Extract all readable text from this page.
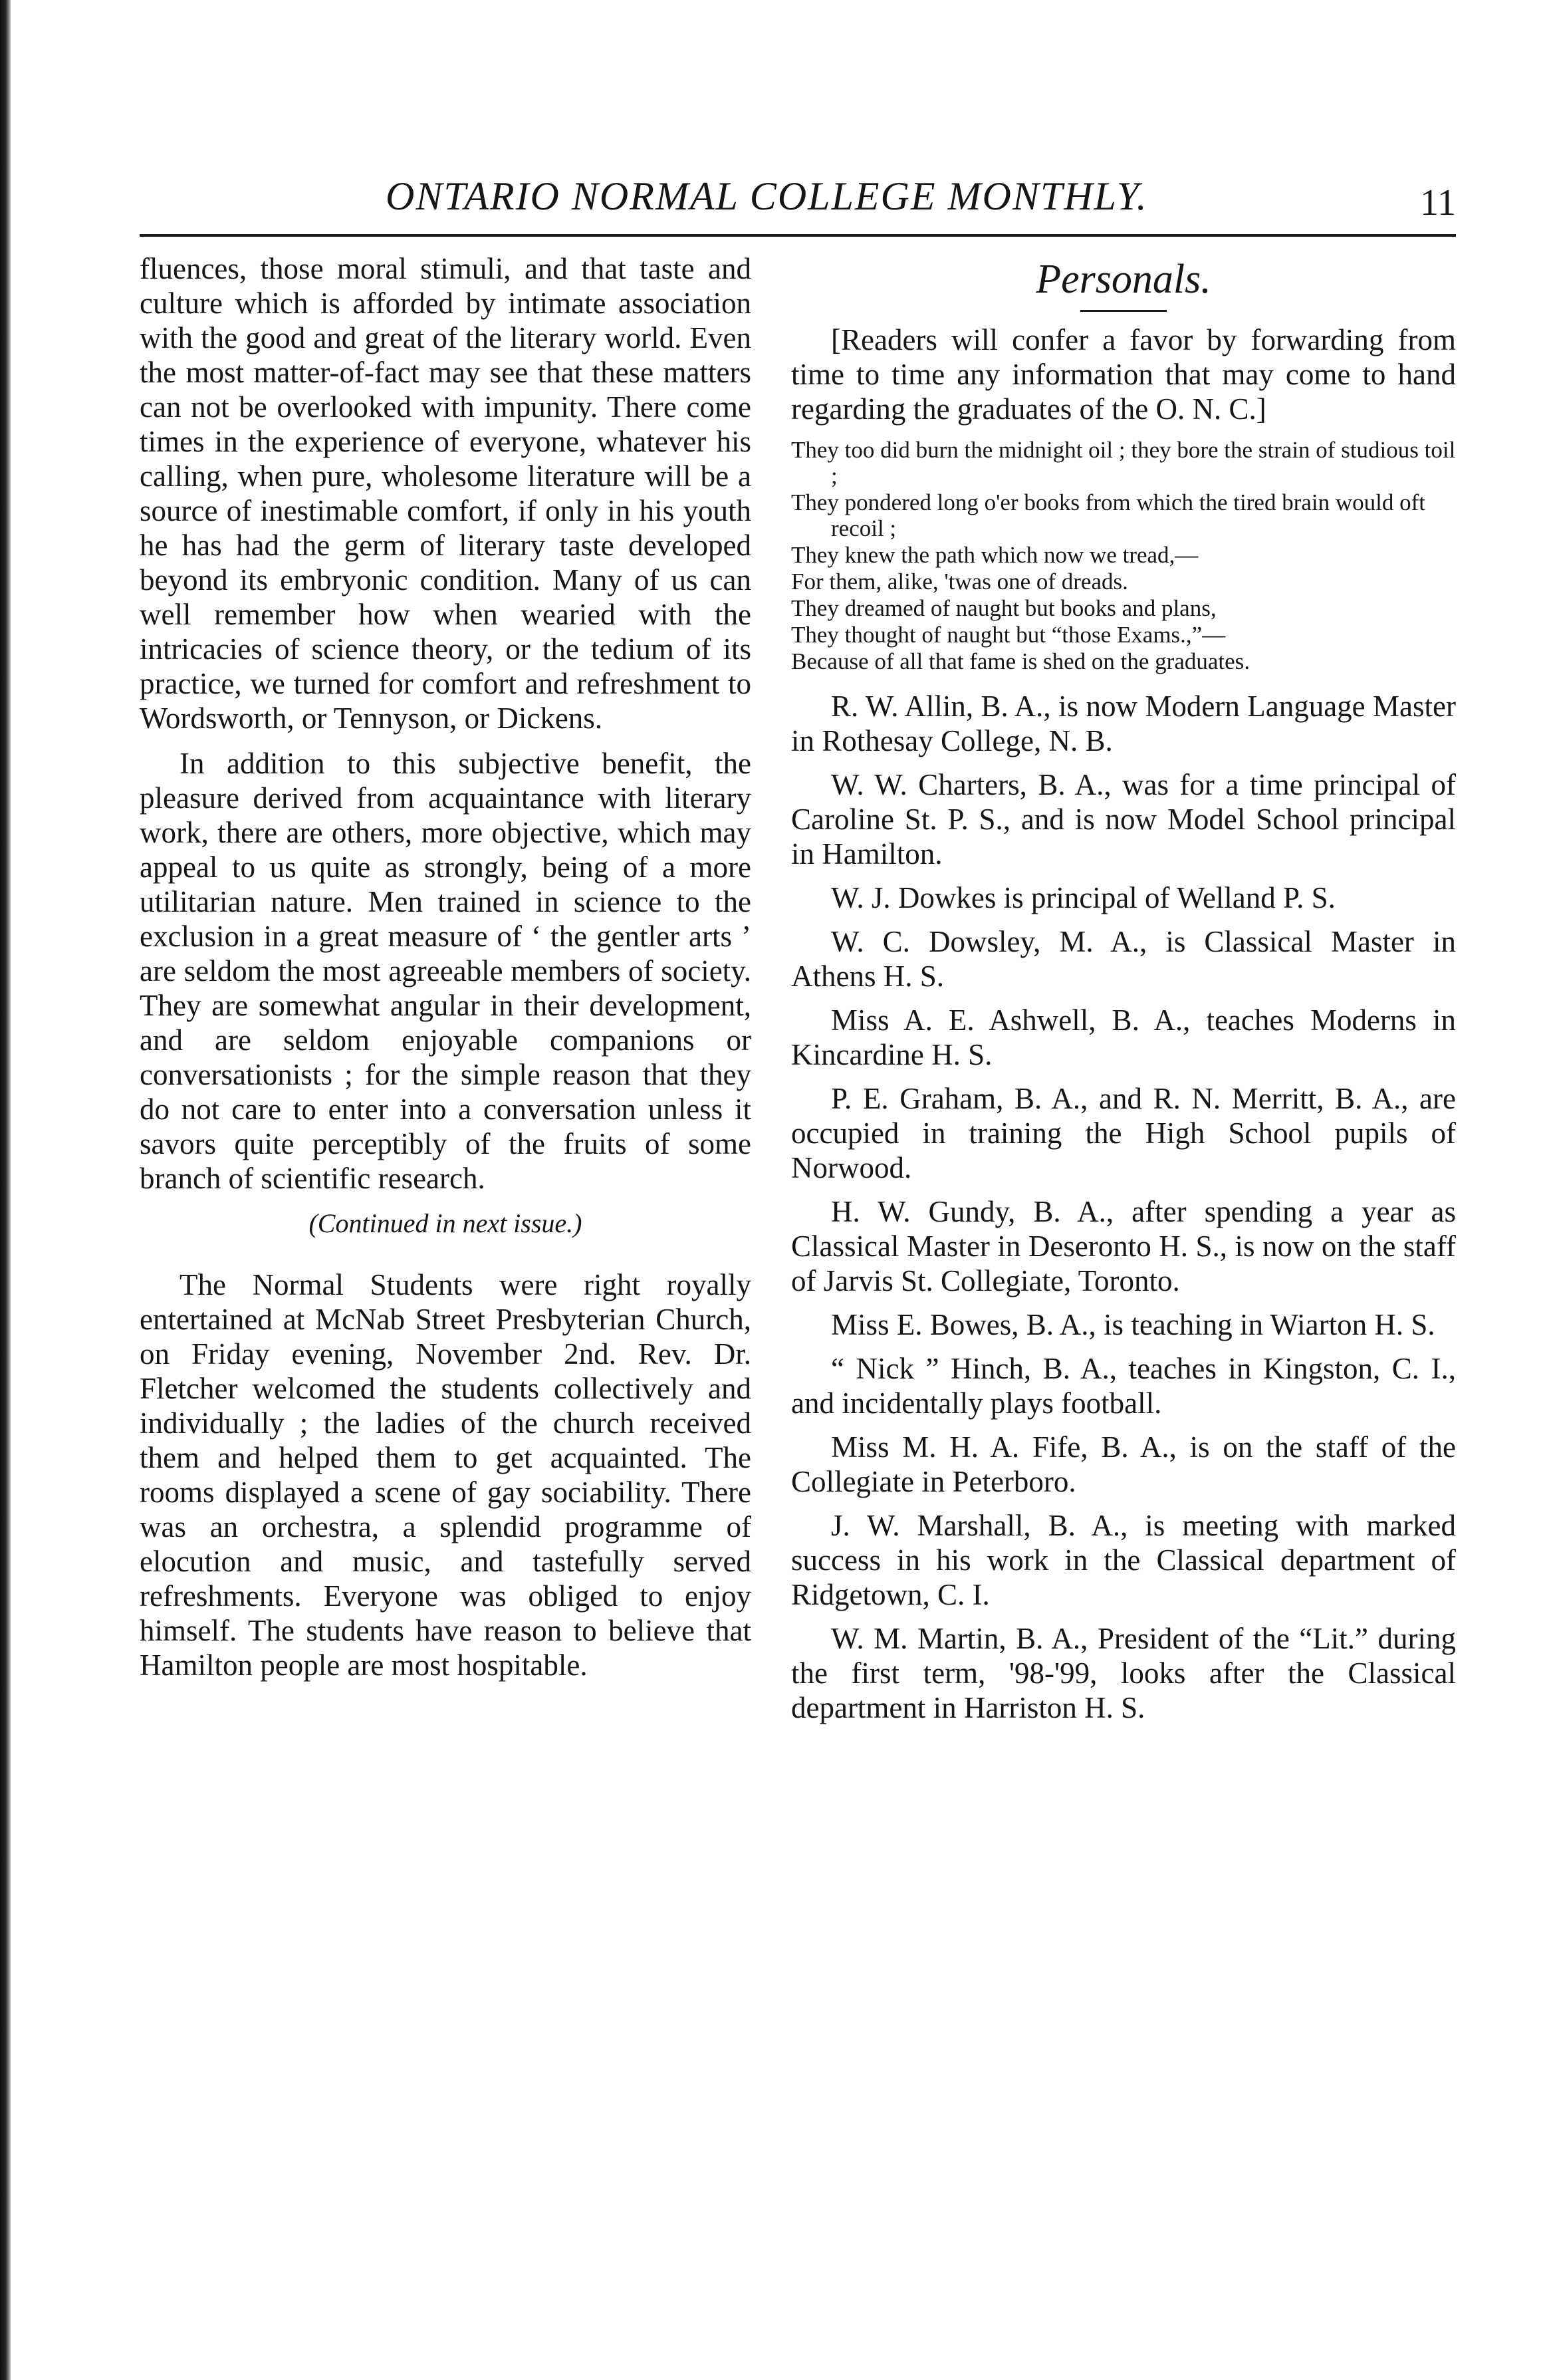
ONTARIO NORMAL COLLEGE MONTHLY.	11

fluences, those moral stimuli, and that taste and culture which is afforded by intimate association with the good and great of the literary world. Even the most matter-of-fact may see that these matters can not be overlooked with impunity. There come times in the experience of everyone, whatever his calling, when pure, wholesome literature will be a source of inestimable comfort, if only in his youth he has had the germ of literary taste developed beyond its embryonic condition. Many of us can well remember how when wearied with the intricacies of science theory, or the tedium of its practice, we turned for comfort and refreshment to Wordsworth, or Tennyson, or Dickens.

In addition to this subjective benefit, the pleasure derived from acquaintance with literary work, there are others, more objective, which may appeal to us quite as strongly, being of a more utilitarian nature. Men trained in science to the exclusion in a great measure of ‘ the gentler arts ’ are seldom the most agreeable members of society. They are somewhat angular in their development, and are seldom enjoyable companions or conversationists ; for the simple reason that they do not care to enter into a conversation unless it savors quite perceptibly of the fruits of some branch of scientific research.

(Continued in next issue.)

The Normal Students were right royally entertained at McNab Street Presbyterian Church, on Friday evening, November 2nd. Rev. Dr. Fletcher welcomed the students collectively and individually ; the ladies of the church received them and helped them to get acquainted. The rooms displayed a scene of gay sociability. There was an orchestra, a splendid programme of elocution and music, and tastefully served refreshments. Everyone was obliged to enjoy himself. The students have reason to believe that Hamilton people are most hospitable.

Personals.

[Readers will confer a favor by forwarding from time to time any information that may come to hand regarding the graduates of the O. N. C.]

They too did burn the midnight oil ; they bore the strain of studious toil ;
They pondered long o'er books from which the tired brain would oft recoil ;
They knew the path which now we tread,—
For them, alike, 'twas one of dreads.
They dreamed of naught but books and plans,
They thought of naught but “those Exams.,”—
Because of all that fame is shed on the graduates.

R. W. Allin, B. A., is now Modern Language Master in Rothesay College, N. B.

W. W. Charters, B. A., was for a time principal of Caroline St. P. S., and is now Model School principal in Hamilton.

W. J. Dowkes is principal of Welland P. S.

W. C. Dowsley, M. A., is Classical Master in Athens H. S.

Miss A. E. Ashwell, B. A., teaches Moderns in Kincardine H. S.

P. E. Graham, B. A., and R. N. Merritt, B. A., are occupied in training the High School pupils of Norwood.

H. W. Gundy, B. A., after spending a year as Classical Master in Deseronto H. S., is now on the staff of Jarvis St. Collegiate, Toronto.

Miss E. Bowes, B. A., is teaching in Wiarton H. S.

“ Nick ” Hinch, B. A., teaches in Kingston, C. I., and incidentally plays football.

Miss M. H. A. Fife, B. A., is on the staff of the Collegiate in Peterboro.

J. W. Marshall, B. A., is meeting with marked success in his work in the Classical department of Ridgetown, C. I.

W. M. Martin, B. A., President of the “Lit.” during the first term, '98-'99, looks after the Classical department in Harriston H. S.
